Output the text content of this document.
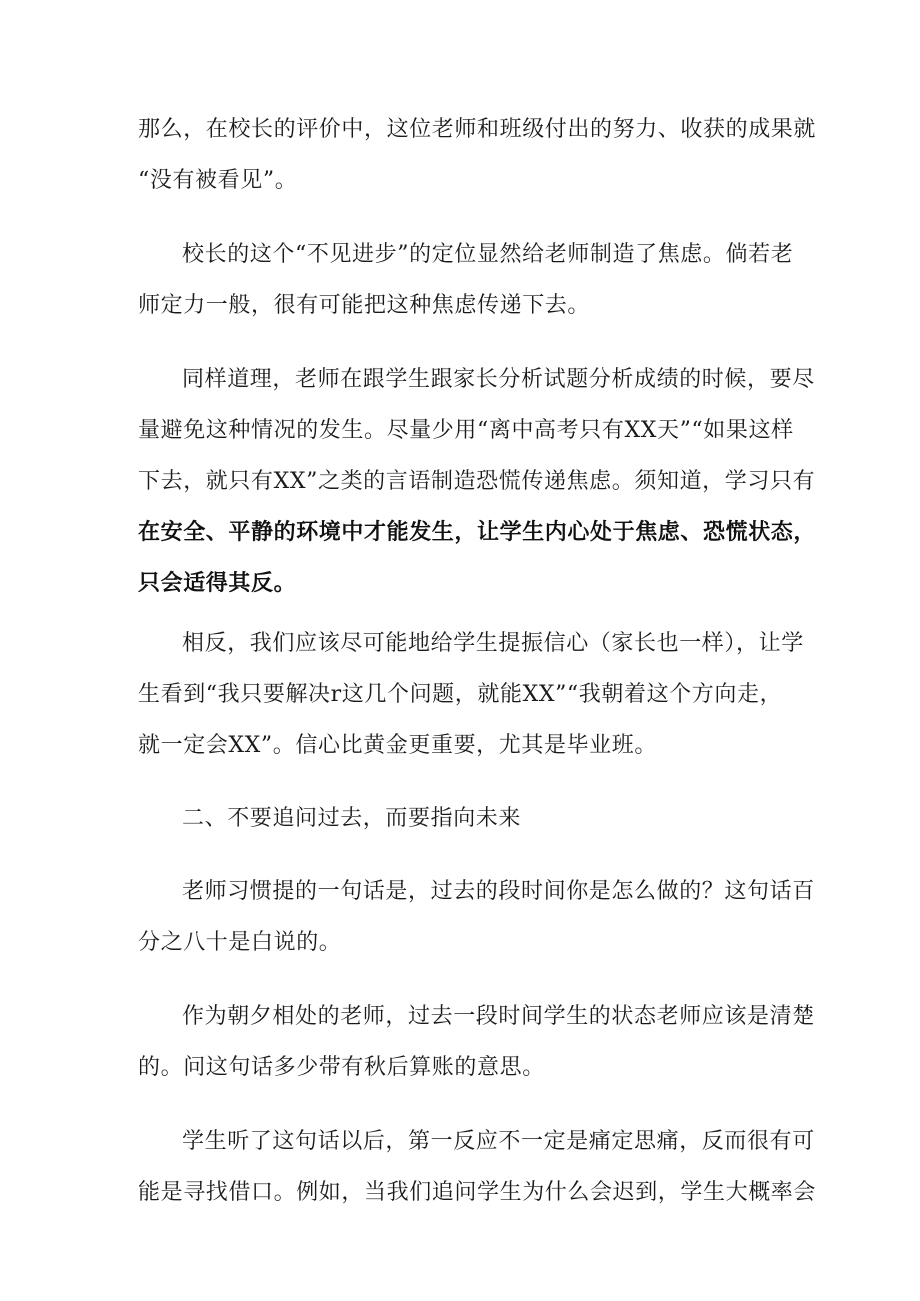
那么，在校长的评价中，这位老师和班级付出的努力、收获的成果就
“没有被看见”。

校长的这个“不见进步”的定位显然给老师制造了焦虑。倘若老
师定力一般，很有可能把这种焦虑传递下去。

同样道理，老师在跟学生跟家长分析试题分析成绩的时候，要尽
量避免这种情况的发生。尽量少用“离中高考只有XX天”“如果这样
下去，就只有XX”之类的言语制造恐慌传递焦虑。须知道，学习只有
在安全、平静的环境中才能发生，让学生内心处于焦虑、恐慌状态，
只会适得其反。

相反，我们应该尽可能地给学生提振信心（家长也一样），让学
生看到“我只要解决r这几个问题，就能XX”“我朝着这个方向走，
就一定会XX”。信心比黄金更重要，尤其是毕业班。

二、不要追问过去，而要指向未来

老师习惯提的一句话是，过去的段时间你是怎么做的？这句话百
分之八十是白说的。

作为朝夕相处的老师，过去一段时间学生的状态老师应该是清楚
的。问这句话多少带有秋后算账的意思。

学生听了这句话以后，第一反应不一定是痛定思痛，反而很有可
能是寻找借口。例如，当我们追问学生为什么会迟到，学生大概率会
